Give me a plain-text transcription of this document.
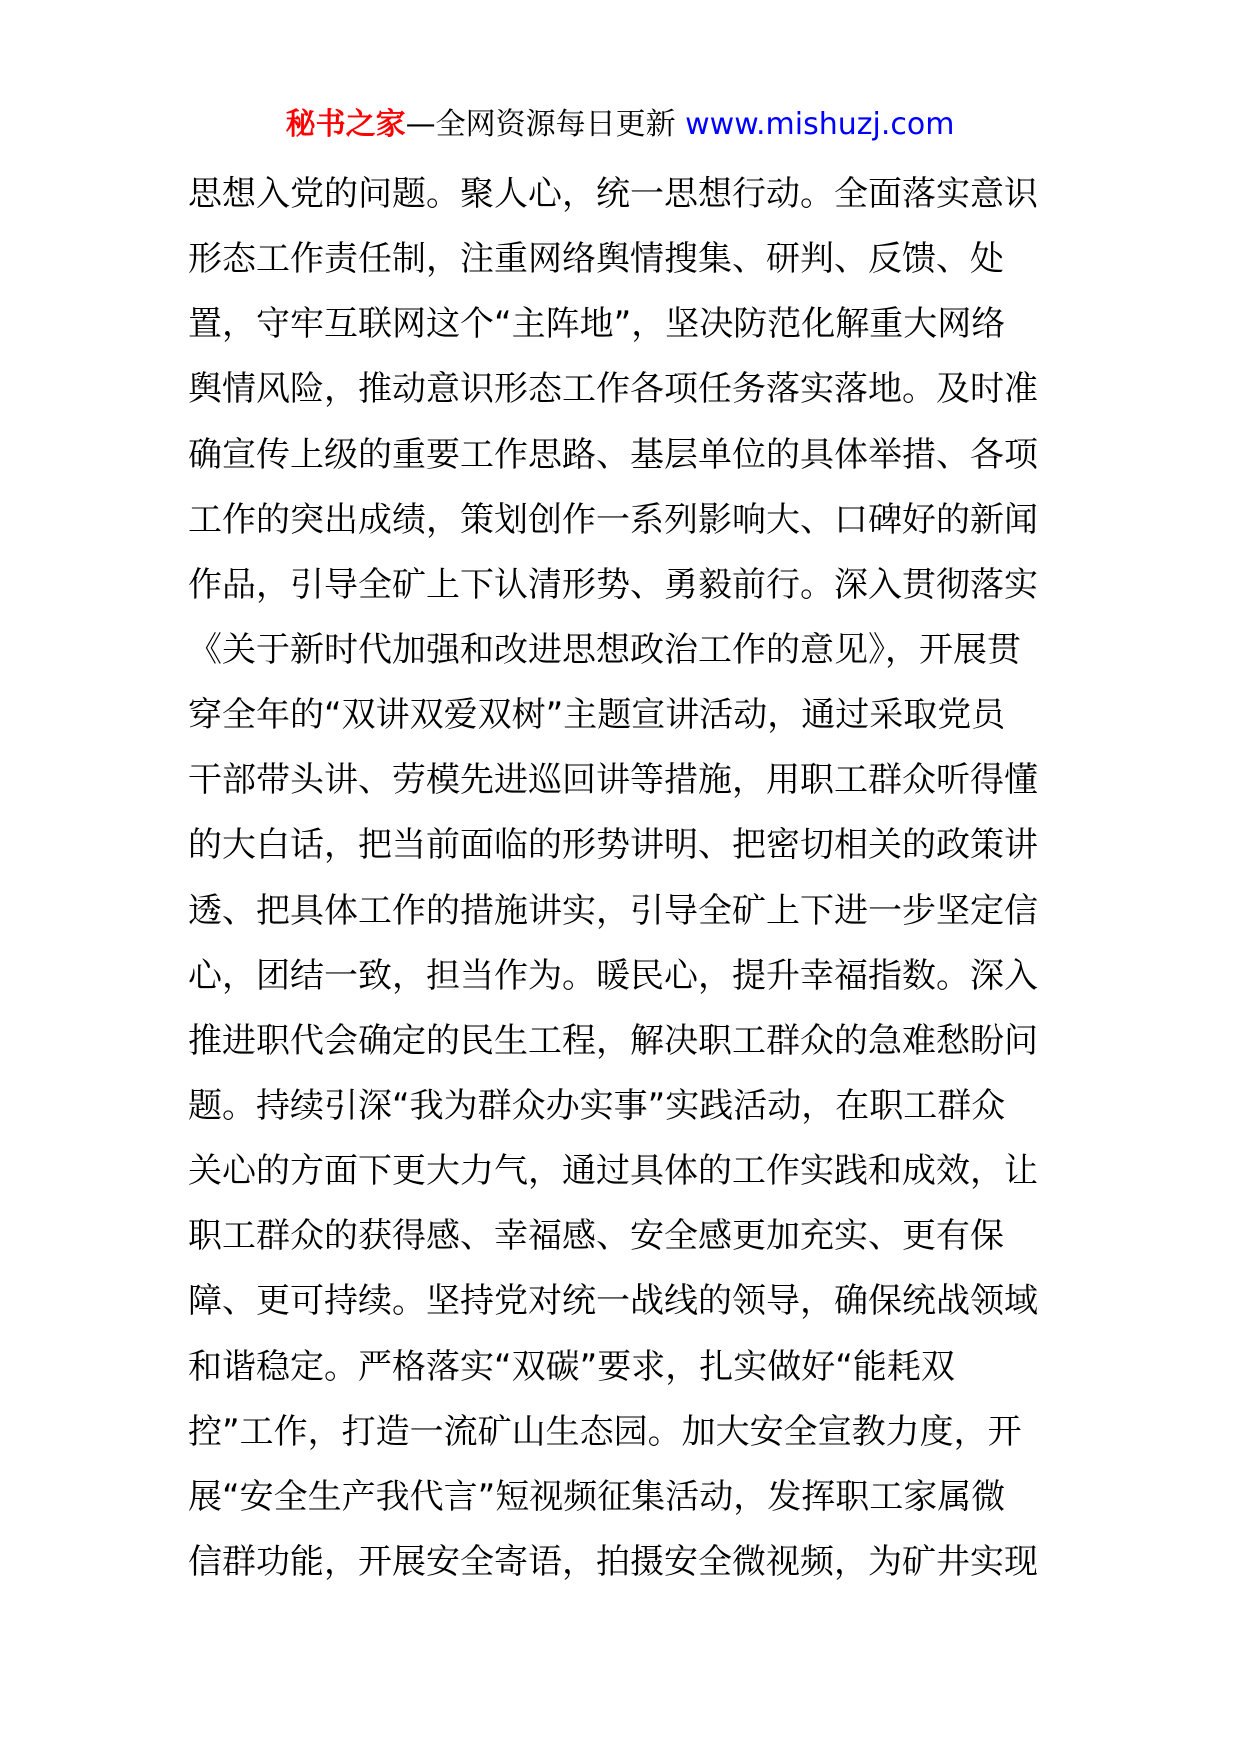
秘书之家—全网资源每日更新 www.mishuzj.com
思想入党的问题。聚人心，统一思想行动。全面落实意识
形态工作责任制，注重网络舆情搜集、研判、反馈、处
置，守牢互联网这个“主阵地”，坚决防范化解重大网络
舆情风险，推动意识形态工作各项任务落实落地。及时准
确宣传上级的重要工作思路、基层单位的具体举措、各项
工作的突出成绩，策划创作一系列影响大、口碑好的新闻
作品，引导全矿上下认清形势、勇毅前行。深入贯彻落实
《关于新时代加强和改进思想政治工作的意见》，开展贯
穿全年的“双讲双爱双树”主题宣讲活动，通过采取党员
干部带头讲、劳模先进巡回讲等措施，用职工群众听得懂
的大白话，把当前面临的形势讲明、把密切相关的政策讲
透、把具体工作的措施讲实，引导全矿上下进一步坚定信
心，团结一致，担当作为。暖民心，提升幸福指数。深入
推进职代会确定的民生工程，解决职工群众的急难愁盼问
题。持续引深“我为群众办实事”实践活动，在职工群众
关心的方面下更大力气，通过具体的工作实践和成效，让
职工群众的获得感、幸福感、安全感更加充实、更有保
障、更可持续。坚持党对统一战线的领导，确保统战领域
和谐稳定。严格落实“双碳”要求，扎实做好“能耗双
控”工作，打造一流矿山生态园。加大安全宣教力度，开
展“安全生产我代言”短视频征集活动，发挥职工家属微
信群功能，开展安全寄语，拍摄安全微视频，为矿井实现
